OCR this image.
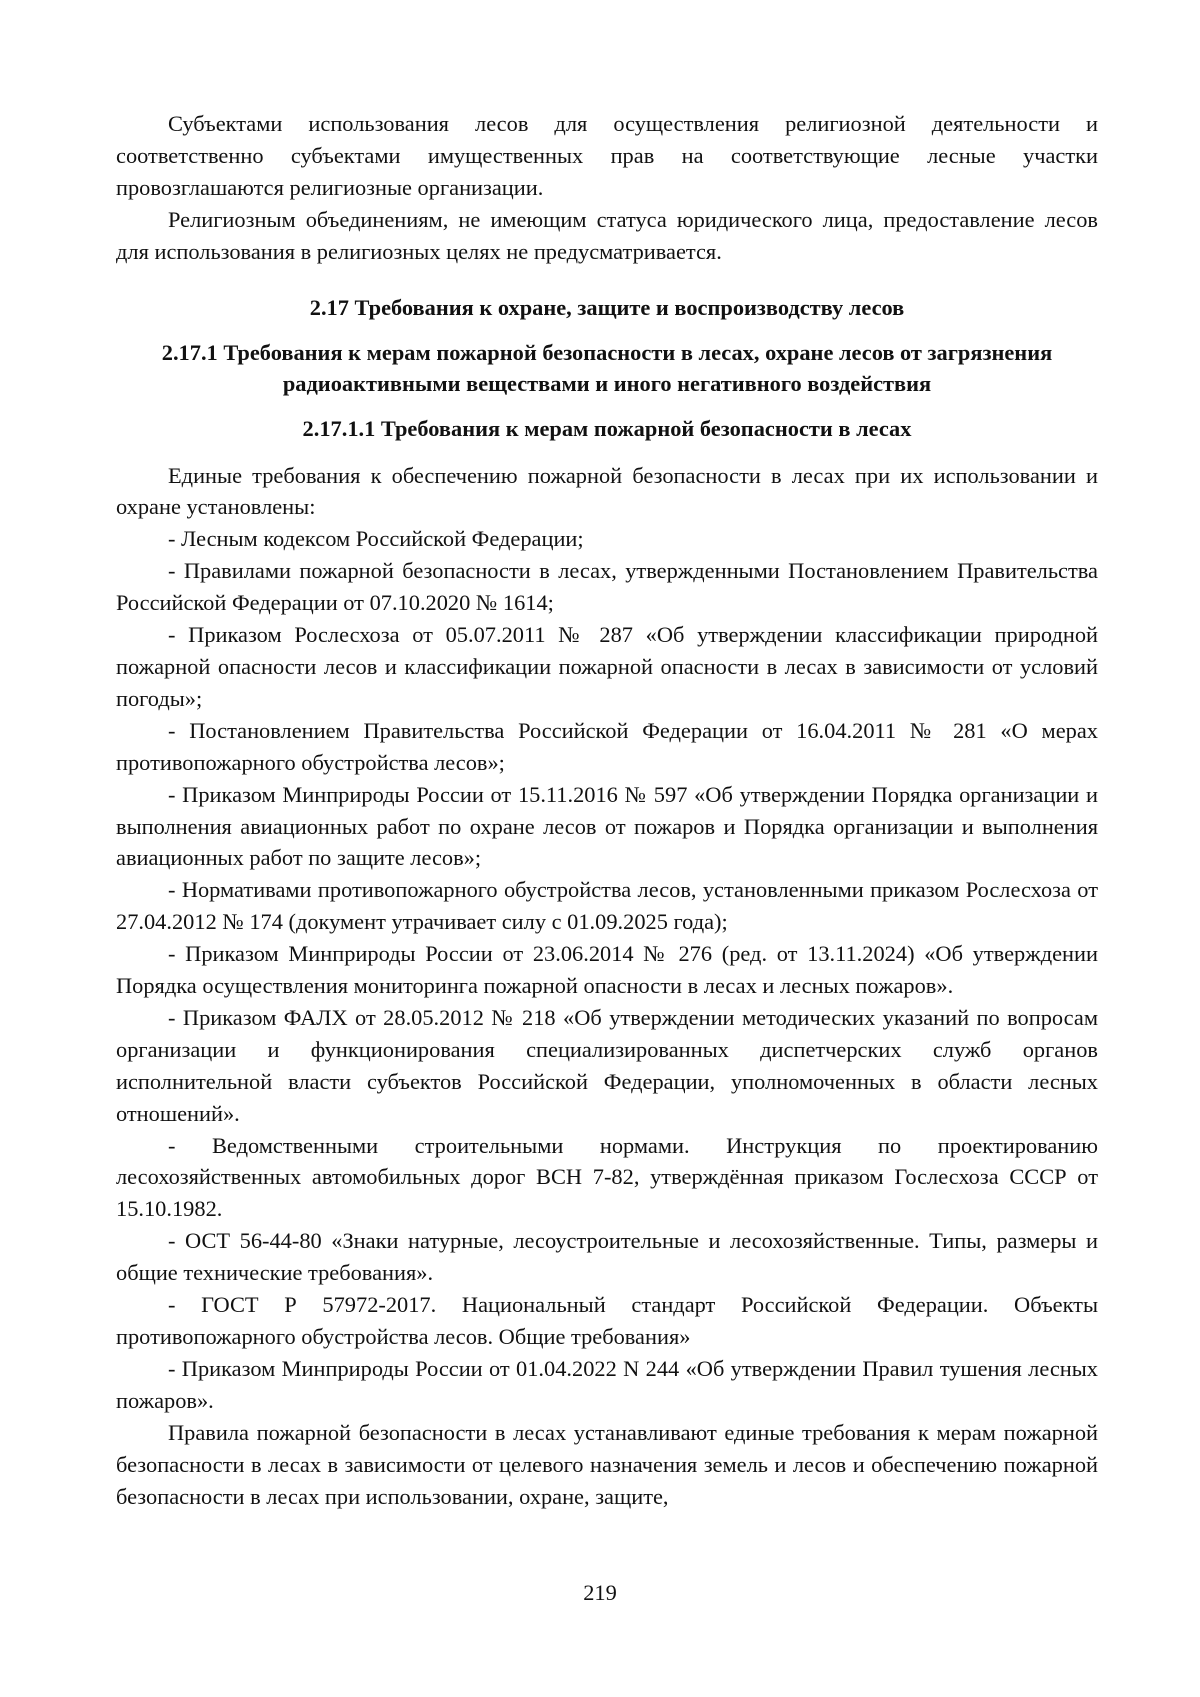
Субъектами использования лесов для осуществления религиозной деятельности и соответственно субъектами имущественных прав на соответствующие лесные участки провозглашаются религиозные организации.

Религиозным объединениям, не имеющим статуса юридического лица, предоставление лесов для использования в религиозных целях не предусматривается.

2.17 Требования к охране, защите и воспроизводству лесов

2.17.1 Требования к мерам пожарной безопасности в лесах, охране лесов от загрязнения
радиоактивными веществами и иного негативного воздействия

2.17.1.1 Требования к мерам пожарной безопасности в лесах

Единые требования к обеспечению пожарной безопасности в лесах при их использовании и охране установлены:

- Лесным кодексом Российской Федерации;

- Правилами пожарной безопасности в лесах, утвержденными Постановлением Правительства Российской Федерации от 07.10.2020 № 1614;

- Приказом Рослесхоза от 05.07.2011 № 287 «Об утверждении классификации природной пожарной опасности лесов и классификации пожарной опасности в лесах в зависимости от условий погоды»;

- Постановлением Правительства Российской Федерации от 16.04.2011 № 281 «О мерах противопожарного обустройства лесов»;

- Приказом Минприроды России от 15.11.2016 № 597 «Об утверждении Порядка организации и выполнения авиационных работ по охране лесов от пожаров и Порядка организации и выполнения авиационных работ по защите лесов»;

- Нормативами противопожарного обустройства лесов, установленными приказом Рослесхоза от 27.04.2012 № 174 (документ утрачивает силу с 01.09.2025 года);

- Приказом Минприроды России от 23.06.2014 № 276 (ред. от 13.11.2024) «Об утверждении Порядка осуществления мониторинга пожарной опасности в лесах и лесных пожаров».

- Приказом ФАЛХ от 28.05.2012 № 218 «Об утверждении методических указаний по вопросам организации и функционирования специализированных диспетчерских служб органов исполнительной власти субъектов Российской Федерации, уполномоченных в области лесных отношений».

- Ведомственными строительными нормами. Инструкция по проектированию лесохозяйственных автомобильных дорог ВСН 7-82, утверждённая приказом Гослесхоза СССР от 15.10.1982.

- ОСТ 56-44-80 «Знаки натурные, лесоустроительные и лесохозяйственные. Типы, размеры и общие технические требования».

- ГОСТ Р 57972-2017. Национальный стандарт Российской Федерации. Объекты противопожарного обустройства лесов. Общие требования»

- Приказом Минприроды России от 01.04.2022 N 244 «Об утверждении Правил тушения лесных пожаров».

Правила пожарной безопасности в лесах устанавливают единые требования к мерам пожарной безопасности в лесах в зависимости от целевого назначения земель и лесов и обеспечению пожарной безопасности в лесах при использовании, охране, защите,

219
